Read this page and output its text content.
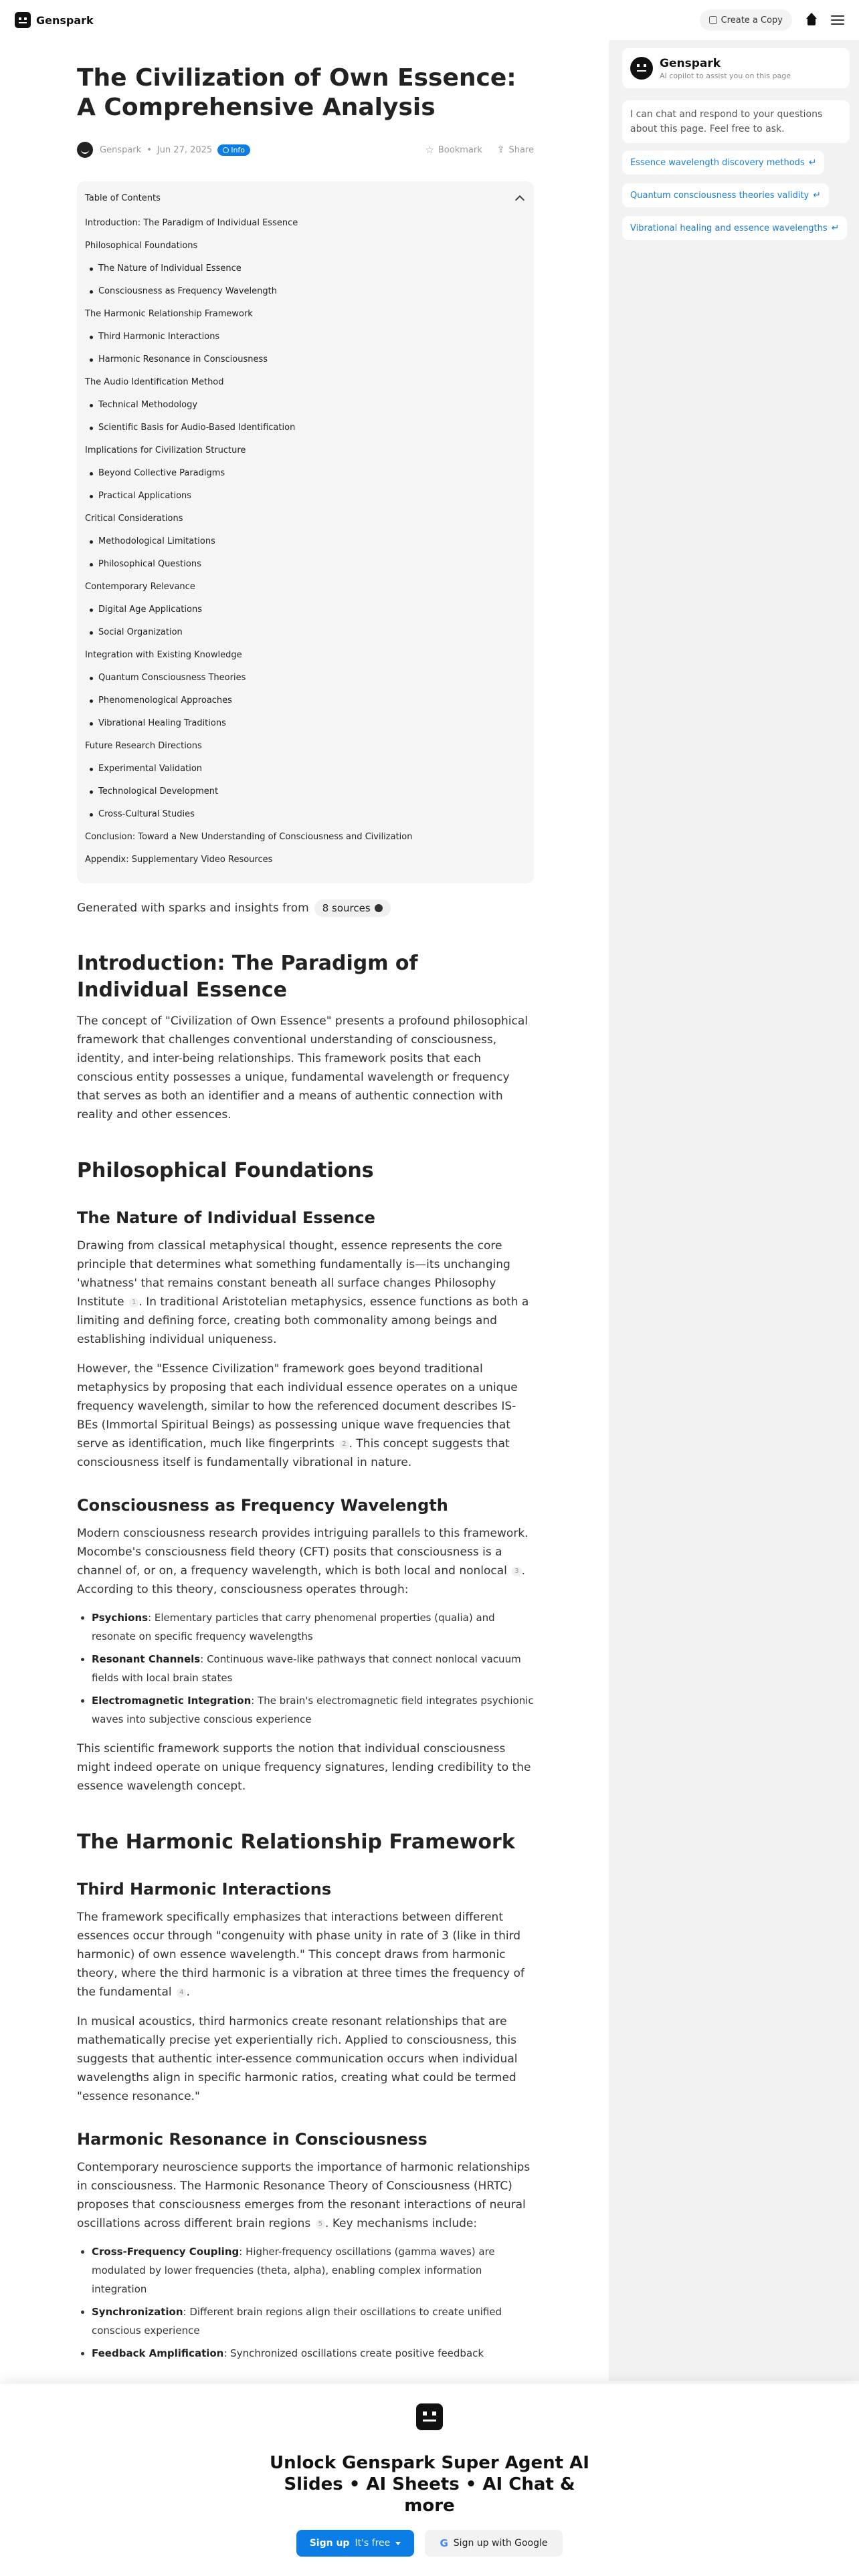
Genspark	Create a Copy
The Civilization of Own Essence: A Comprehensive Analysis
Genspark • Jun 27, 2025	Info	☆ Bookmark ⇪ Share
Table of Contents
Introduction: The Paradigm of Individual Essence
Philosophical Foundations
The Nature of Individual Essence
Consciousness as Frequency Wavelength
The Harmonic Relationship Framework
Third Harmonic Interactions
Harmonic Resonance in Consciousness
The Audio Identification Method
Technical Methodology
Scientific Basis for Audio-Based Identification
Implications for Civilization Structure
Beyond Collective Paradigms
Practical Applications
Critical Considerations
Methodological Limitations
Philosophical Questions
Contemporary Relevance
Digital Age Applications
Social Organization
Integration with Existing Knowledge
Quantum Consciousness Theories
Phenomenological Approaches
Vibrational Healing Traditions
Future Research Directions
Experimental Validation
Technological Development
Cross-Cultural Studies
Conclusion: Toward a New Understanding of Consciousness and Civilization
Appendix: Supplementary Video Resources
Generated with sparks and insights from 8 sources
Introduction: The Paradigm of Individual Essence

The concept of "Civilization of Own Essence" presents a profound philosophical framework that challenges conventional understanding of consciousness, identity, and inter-being relationships. This framework posits that each conscious entity possesses a unique, fundamental wavelength or frequency that serves as both an identifier and a means of authentic connection with reality and other essences.

Philosophical Foundations
The Nature of Individual Essence

Drawing from classical metaphysical thought, essence represents the core principle that determines what something fundamentally is—its unchanging 'whatness' that remains constant beneath all surface changes Philosophy Institute 1 . In traditional Aristotelian metaphysics, essence functions as both a limiting and defining force, creating both commonality among beings and establishing individual uniqueness.

However, the "Essence Civilization" framework goes beyond traditional metaphysics by proposing that each individual essence operates on a unique frequency wavelength, similar to how the referenced document describes IS-BEs (Immortal Spiritual Beings) as possessing unique wave frequencies that serve as identification, much like fingerprints 2 . This concept suggests that consciousness itself is fundamentally vibrational in nature.

Consciousness as Frequency Wavelength

Modern consciousness research provides intriguing parallels to this framework. Mocombe's consciousness field theory (CFT) posits that consciousness is a channel of, or on, a frequency wavelength, which is both local and nonlocal 3 . According to this theory, consciousness operates through:

• Psychions: Elementary particles that carry phenomenal properties (qualia) and resonate on specific frequency wavelengths
• Resonant Channels: Continuous wave-like pathways that connect nonlocal vacuum fields with local brain states
• Electromagnetic Integration: The brain's electromagnetic field integrates psychionic waves into subjective conscious experience

This scientific framework supports the notion that individual consciousness might indeed operate on unique frequency signatures, lending credibility to the essence wavelength concept.

The Harmonic Relationship Framework
Third Harmonic Interactions

The framework specifically emphasizes that interactions between different essences occur through "congenuity with phase unity in rate of 3 (like in third harmonic) of own essence wavelength." This concept draws from harmonic theory, where the third harmonic is a vibration at three times the frequency of the fundamental 4 .

In musical acoustics, third harmonics create resonant relationships that are mathematically precise yet experientially rich. Applied to consciousness, this suggests that authentic inter-essence communication occurs when individual wavelengths align in specific harmonic ratios, creating what could be termed "essence resonance."

Harmonic Resonance in Consciousness

Contemporary neuroscience supports the importance of harmonic relationships in consciousness. The Harmonic Resonance Theory of Consciousness (HRTC) proposes that consciousness emerges from the resonant interactions of neural oscillations across different brain regions 5 . Key mechanisms include:

• Cross-Frequency Coupling: Higher-frequency oscillations (gamma waves) are modulated by lower frequencies (theta, alpha), enabling complex information integration
• Synchronization: Different brain regions align their oscillations to create unified conscious experience
• Feedback Amplification: Synchronized oscillations create positive feedback
Genspark
AI copilot to assist you on this page
I can chat and respond to your questions about this page. Feel free to ask.
Essence wavelength discovery methods ↵
Quantum consciousness theories validity ↵
Vibrational healing and essence wavelengths ↵
Unlock Genspark Super Agent AI Slides • AI Sheets • AI Chat & more
Sign up It's free	G Sign up with Google
